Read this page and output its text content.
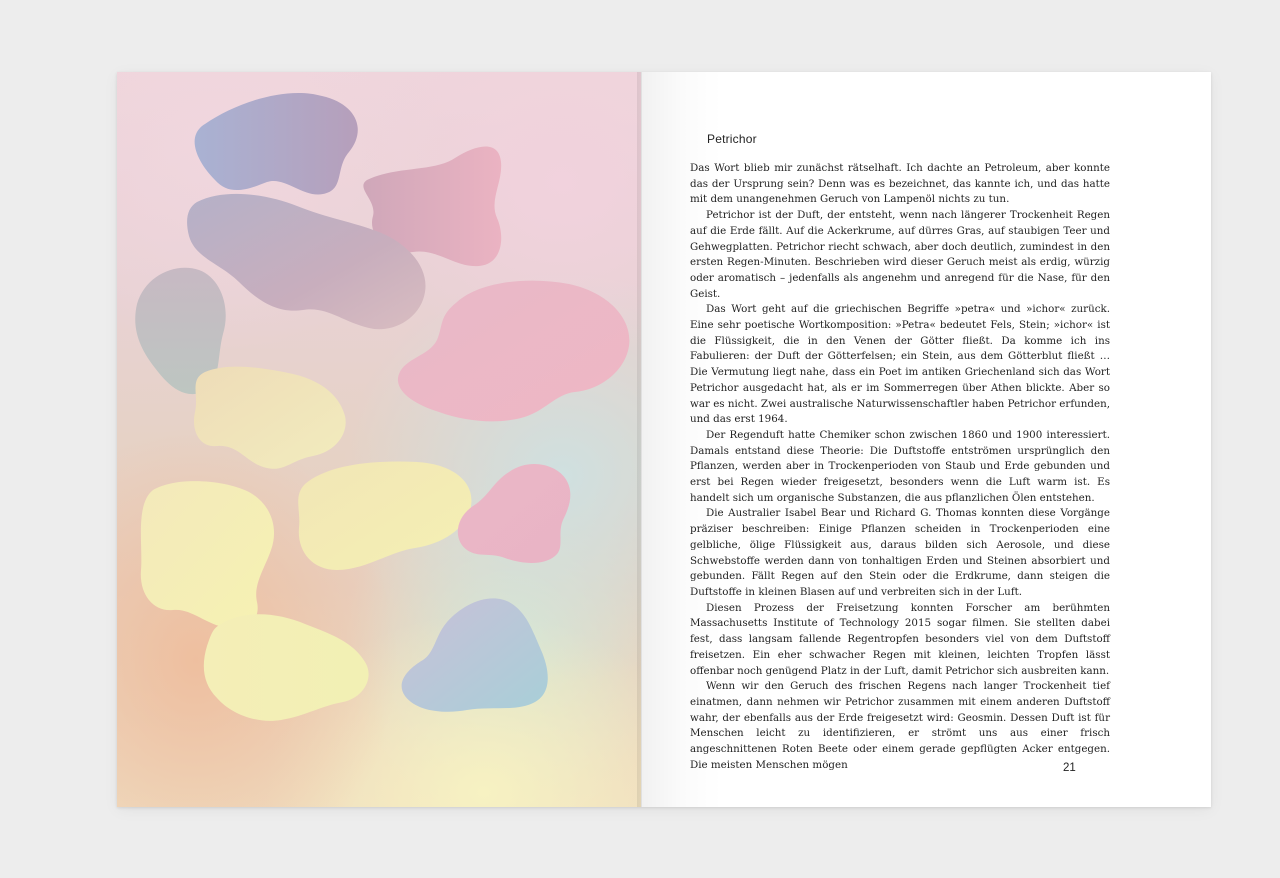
Petrichor

Das Wort blieb mir zunächst rätselhaft. Ich dachte an Petroleum, aber konnte das der Ursprung sein? Denn was es bezeichnet, das kannte ich, und das hatte mit dem unangenehmen Geruch von Lampenöl nichts zu tun.

Petrichor ist der Duft, der entsteht, wenn nach längerer Trockenheit Regen auf die Erde fällt. Auf die Ackerkrume, auf dürres Gras, auf staubigen Teer und Gehwegplatten. Petrichor riecht schwach, aber doch deutlich, zumindest in den ersten Regen-Minuten. Beschrieben wird dieser Geruch meist als erdig, würzig oder aromatisch – jedenfalls als angenehm und anregend für die Nase, für den Geist.

Das Wort geht auf die griechischen Begriffe »petra« und »ichor« zurück. Eine sehr poetische Wortkomposition: »Petra« bedeutet Fels, Stein; »ichor« ist die Flüssigkeit, die in den Venen der Götter fließt. Da komme ich ins Fabulieren: der Duft der Götterfelsen; ein Stein, aus dem Götterblut fließt … Die Vermutung liegt nahe, dass ein Poet im antiken Griechenland sich das Wort Petrichor ausgedacht hat, als er im Sommerregen über Athen blickte. Aber so war es nicht. Zwei australische Naturwissenschaftler haben Petrichor erfunden, und das erst 1964.

Der Regenduft hatte Chemiker schon zwischen 1860 und 1900 interessiert. Damals entstand diese Theorie: Die Duftstoffe entströmen ursprünglich den Pflanzen, werden aber in Trockenperioden von Staub und Erde gebunden und erst bei Regen wieder freigesetzt, besonders wenn die Luft warm ist. Es handelt sich um organische Substanzen, die aus pflanzlichen Ölen entstehen.

Die Australier Isabel Bear und Richard G. Thomas konnten diese Vorgänge präziser beschreiben: Einige Pflanzen scheiden in Trockenperioden eine gelbliche, ölige Flüssigkeit aus, daraus bilden sich Aerosole, und diese Schwebstoffe werden dann von tonhaltigen Erden und Steinen absorbiert und gebunden. Fällt Regen auf den Stein oder die Erdkrume, dann steigen die Duftstoffe in kleinen Blasen auf und verbreiten sich in der Luft.

Diesen Prozess der Freisetzung konnten Forscher am berühmten Massachusetts Institute of Technology 2015 sogar filmen. Sie stellten dabei fest, dass langsam fallende Regentropfen besonders viel von dem Duftstoff freisetzen. Ein eher schwacher Regen mit kleinen, leichten Tropfen lässt offenbar noch genügend Platz in der Luft, damit Petrichor sich ausbreiten kann.

Wenn wir den Geruch des frischen Regens nach langer Trockenheit tief einatmen, dann nehmen wir Petrichor zusammen mit einem anderen Duftstoff wahr, der ebenfalls aus der Erde freigesetzt wird: Geosmin. Dessen Duft ist für Menschen leicht zu identifizieren, er strömt uns aus einer frisch angeschnittenen Roten Beete oder einem gerade gepflügten Acker entgegen. Die meisten Menschen mögen	21
